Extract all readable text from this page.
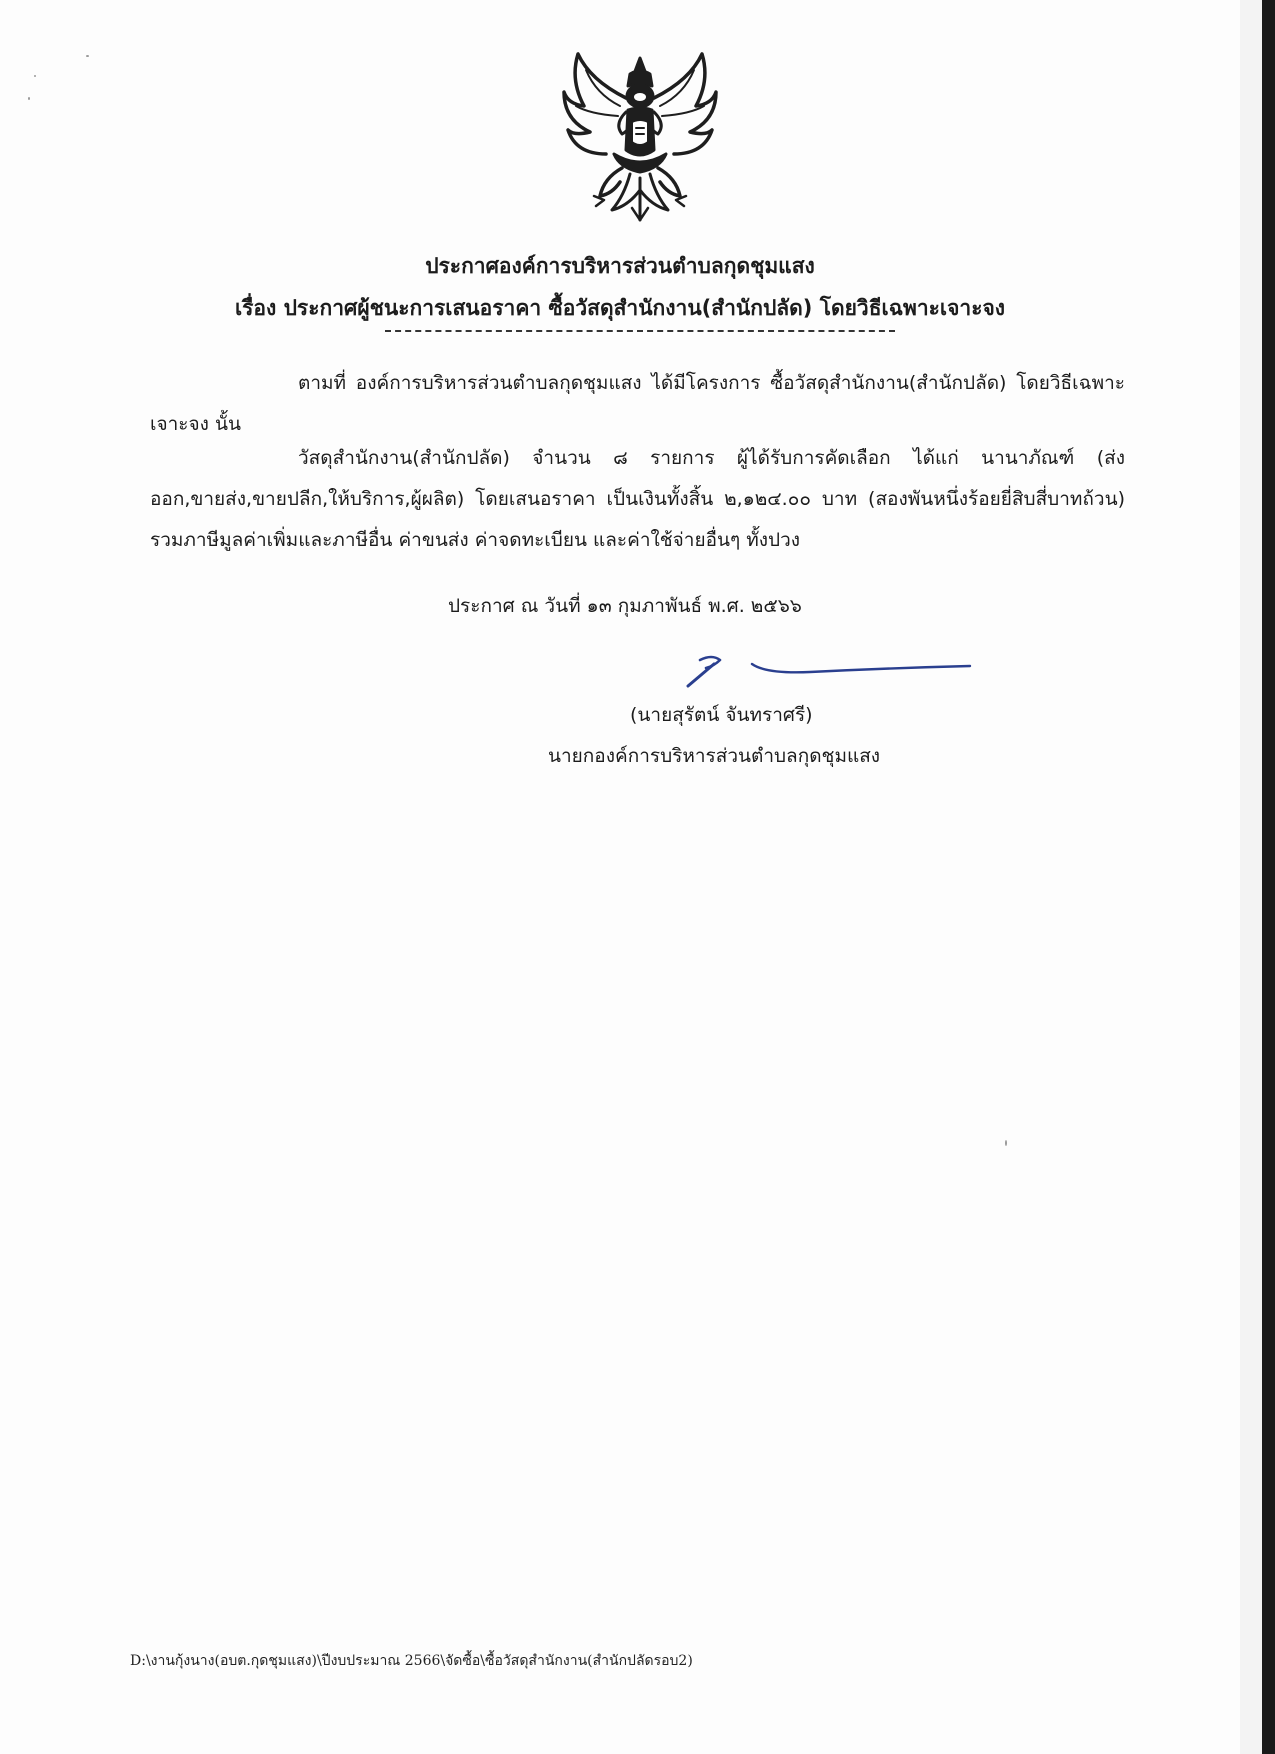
ประกาศองค์การบริหารส่วนตำบลกุดชุมแสง
เรื่อง ประกาศผู้ชนะการเสนอราคา ซื้อวัสดุสำนักงาน(สำนักปลัด) โดยวิธีเฉพาะเจาะจง
ตามที่ องค์การบริหารส่วนตำบลกุดชุมแสง ได้มีโครงการ ซื้อวัสดุสำนักงาน(สำนักปลัด) โดยวิธีเฉพาะเจาะจง นั้น
วัสดุสำนักงาน(สำนักปลัด) จำนวน ๘ รายการ ผู้ได้รับการคัดเลือก ได้แก่ นานาภัณฑ์ (ส่งออก,ขายส่ง,ขายปลีก,ให้บริการ,ผู้ผลิต) โดยเสนอราคา เป็นเงินทั้งสิ้น ๒,๑๒๔.๐๐ บาท (สองพันหนึ่งร้อยยี่สิบสี่บาทถ้วน) รวมภาษีมูลค่าเพิ่มและภาษีอื่น ค่าขนส่ง ค่าจดทะเบียน และค่าใช้จ่ายอื่นๆ ทั้งปวง
ประกาศ ณ วันที่ ๑๓ กุมภาพันธ์ พ.ศ. ๒๕๖๖
(นายสุรัตน์ จันทราศรี)
นายกองค์การบริหารส่วนตำบลกุดชุมแสง
D:\งานกุ้งนาง(อบต.กุดชุมแสง)\ปีงบประมาณ 2566\จัดซื้อ\ซื้อวัสดุสำนักงาน(สำนักปลัดรอบ2)
